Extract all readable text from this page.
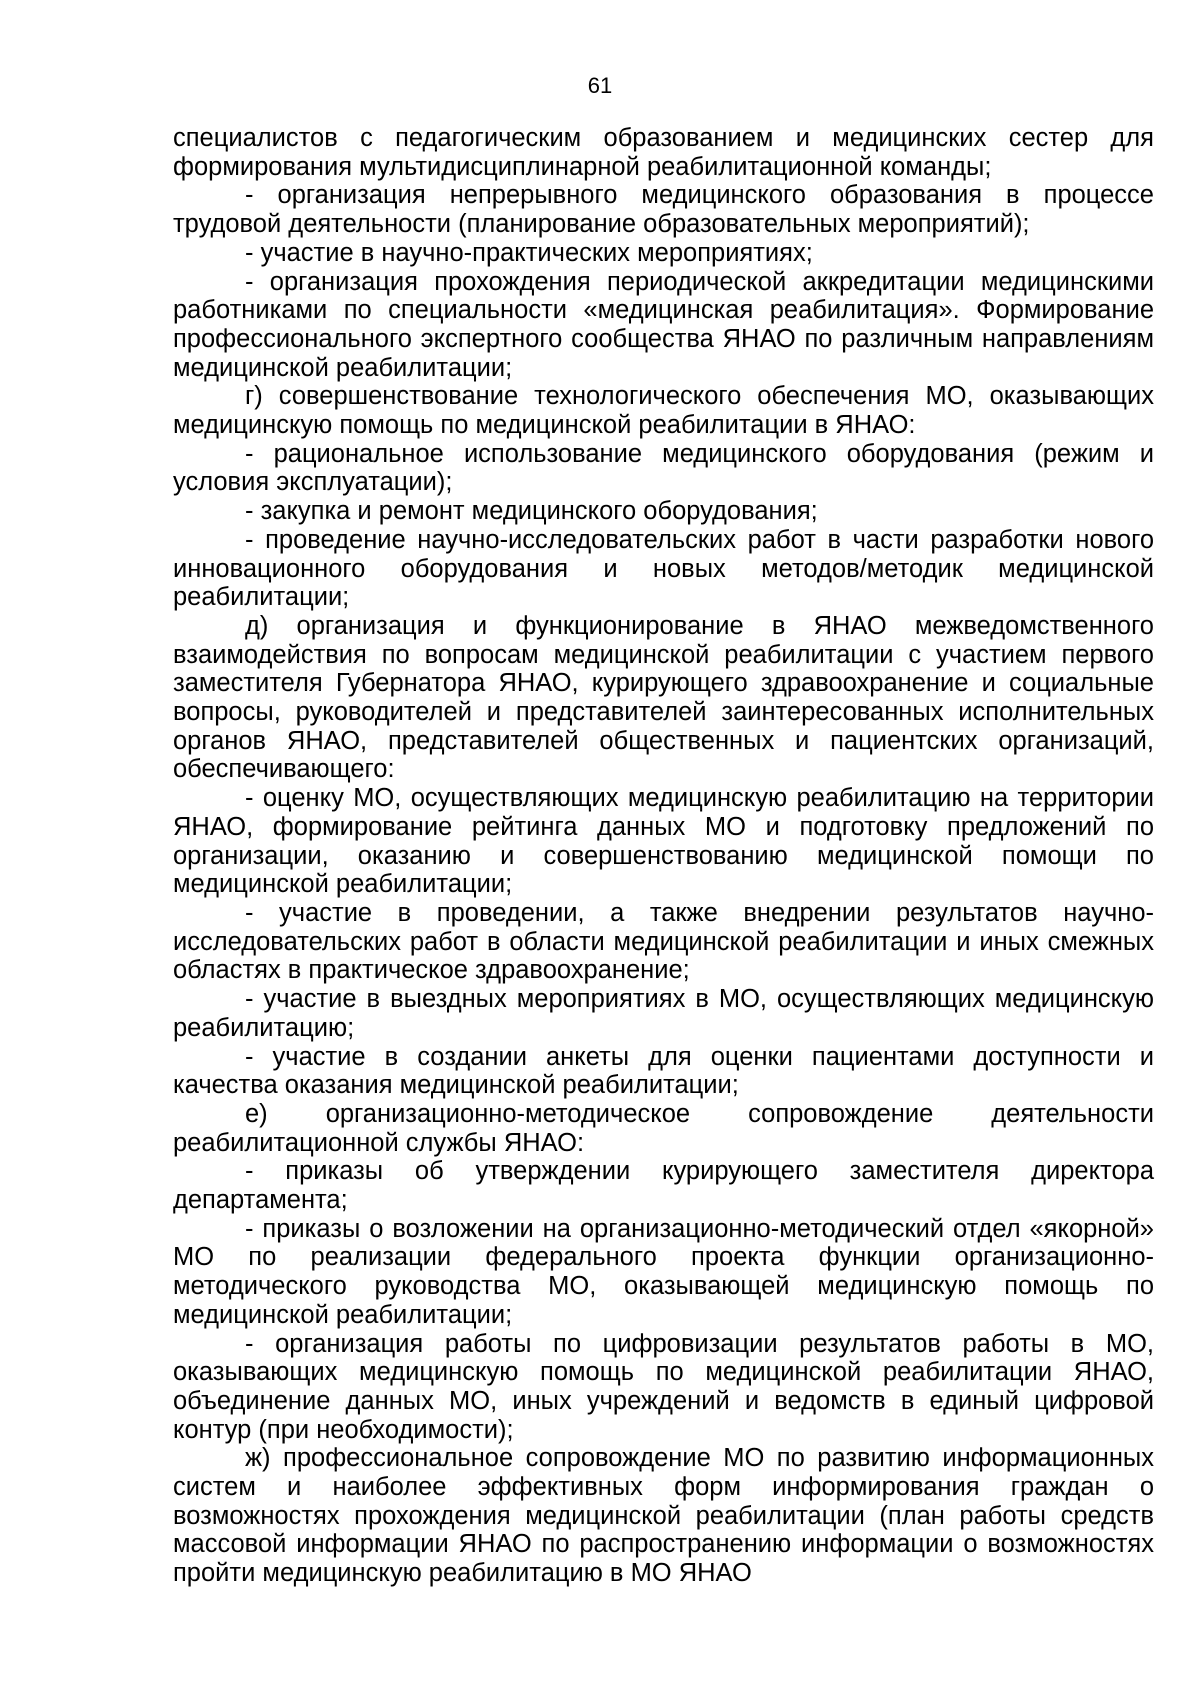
61

специалистов с педагогическим образованием и медицинских сестер для формирования мультидисциплинарной реабилитационной команды;

- организация непрерывного медицинского образования в процессе трудовой деятельности (планирование образовательных мероприятий);

- участие в научно-практических мероприятиях;

- организация прохождения периодической аккредитации медицинскими работниками по специальности «медицинская реабилитация». Формирование профессионального экспертного сообщества ЯНАО по различным направлениям медицинской реабилитации;

г) совершенствование технологического обеспечения МО, оказывающих медицинскую помощь по медицинской реабилитации в ЯНАО:

- рациональное использование медицинского оборудования (режим и условия эксплуатации);

- закупка и ремонт медицинского оборудования;

- проведение научно-исследовательских работ в части разработки нового инновационного оборудования и новых методов/методик медицинской реабилитации;

д) организация и функционирование в ЯНАО межведомственного взаимодействия по вопросам медицинской реабилитации с участием первого заместителя Губернатора ЯНАО, курирующего здравоохранение и социальные вопросы, руководителей и представителей заинтересованных исполнительных органов ЯНАО, представителей общественных и пациентских организаций, обеспечивающего:

- оценку МО, осуществляющих медицинскую реабилитацию на территории ЯНАО, формирование рейтинга данных МО и подготовку предложений по организации, оказанию и совершенствованию медицинской помощи по медицинской реабилитации;

- участие в проведении, а также внедрении результатов научно-исследовательских работ в области медицинской реабилитации и иных смежных областях в практическое здравоохранение;

- участие в выездных мероприятиях в МО, осуществляющих медицинскую реабилитацию;

- участие в создании анкеты для оценки пациентами доступности и качества оказания медицинской реабилитации;

е) организационно-методическое сопровождение деятельности реабилитационной службы ЯНАО:

- приказы об утверждении курирующего заместителя директора департамента;

- приказы о возложении на организационно-методический отдел «якорной» МО по реализации федерального проекта функции организационно-методического руководства МО, оказывающей медицинскую помощь по медицинской реабилитации;

- организация работы по цифровизации результатов работы в МО, оказывающих медицинскую помощь по медицинской реабилитации ЯНАО, объединение данных МО, иных учреждений и ведомств в единый цифровой контур (при необходимости);

ж) профессиональное сопровождение МО по развитию информационных систем и наиболее эффективных форм информирования граждан о возможностях прохождения медицинской реабилитации (план работы средств массовой информации ЯНАО по распространению информации о возможностях пройти медицинскую реабилитацию в МО ЯНАО
